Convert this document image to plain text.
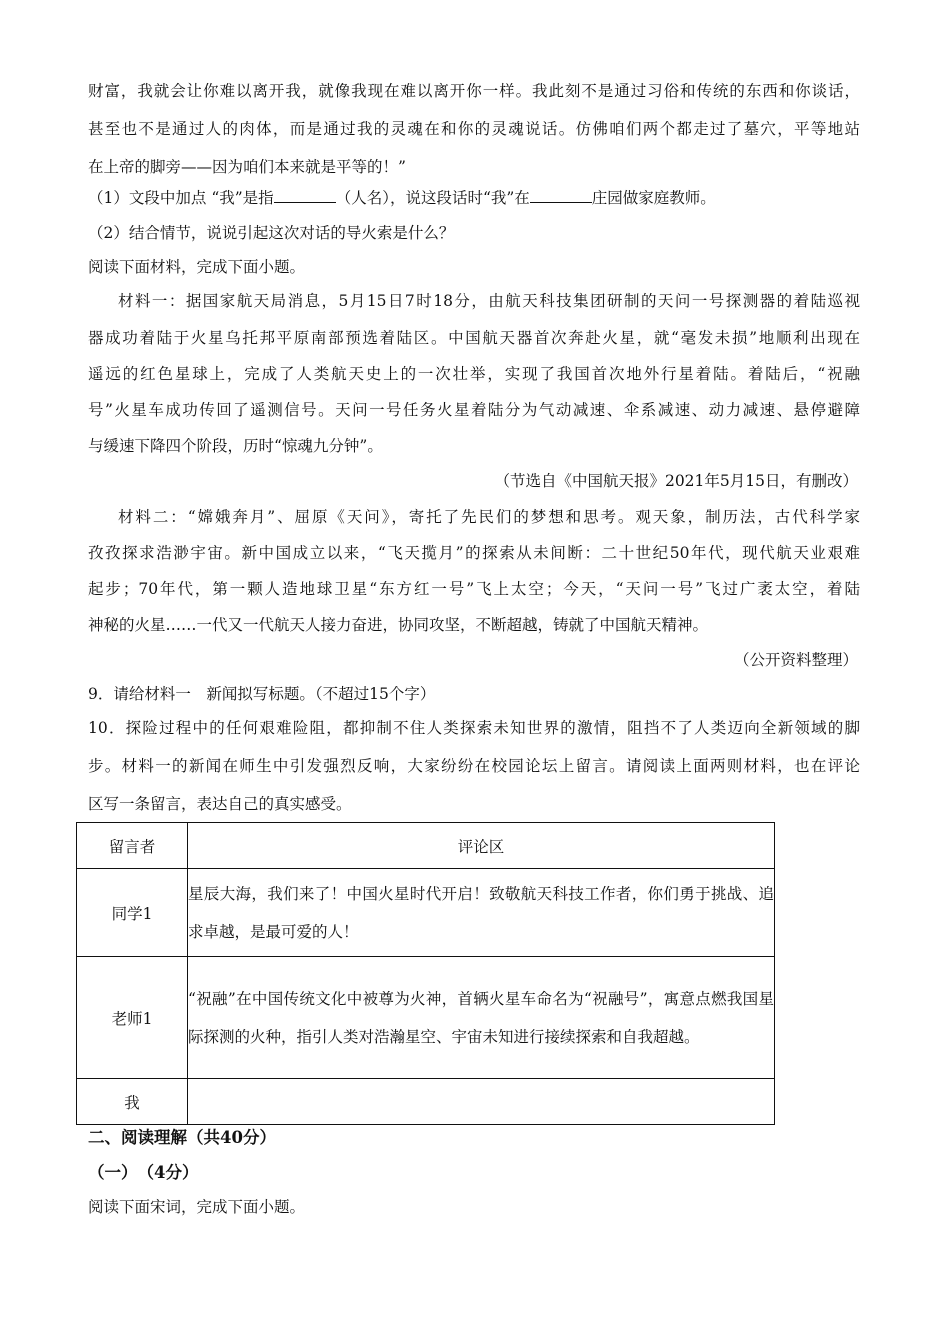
财富，我就会让你难以离开我，就像我现在难以离开你一样。我此刻不是通过习俗和传统的东西和你谈话，
甚至也不是通过人的肉体，而是通过我的灵魂在和你的灵魂说话。仿佛咱们两个都走过了墓穴，平等地站
在上帝的脚旁——因为咱们本来就是平等的！”
（1）文段中加点 “我”是指	（人名），说这段话时“我”在	庄园做家庭教师。
（2）结合情节，说说引起这次对话的导火索是什么？
阅读下面材料，完成下面小题。
材料一：据国家航天局消息，5月15日7时18分，由航天科技集团研制的天问一号探测器的着陆巡视
器成功着陆于火星乌托邦平原南部预选着陆区。中国航天器首次奔赴火星，就“毫发未损”地顺利出现在
遥远的红色星球上，完成了人类航天史上的一次壮举，实现了我国首次地外行星着陆。着陆后，“祝融
号”火星车成功传回了遥测信号。天问一号任务火星着陆分为气动减速、伞系减速、动力减速、悬停避障
与缓速下降四个阶段，历时“惊魂九分钟”。
（节选自《中国航天报》2021年5月15日，有删改）
材料二：“嫦娥奔月”、屈原《天问》，寄托了先民们的梦想和思考。观天象，制历法，古代科学家
孜孜探求浩渺宇宙。新中国成立以来，“飞天揽月”的探索从未间断：二十世纪50年代，现代航天业艰难
起步；70年代，第一颗人造地球卫星“东方红一号”飞上太空；今天，“天问一号”飞过广袤太空，着陆
神秘的火星……一代又一代航天人接力奋进，协同攻坚，不断超越，铸就了中国航天精神。
（公开资料整理）
9．请给材料一　新闻拟写标题。（不超过15个字）
10．探险过程中的任何艰难险阻，都抑制不住人类探索未知世界的激情，阻挡不了人类迈向全新领域的脚
步。材料一的新闻在师生中引发强烈反响，大家纷纷在校园论坛上留言。请阅读上面两则材料，也在评论
区写一条留言，表达自己的真实感受。
留言者	评论区
同学1	星辰大海，我们来了！中国火星时代开启！致敬航天科技工作者，你们勇于挑战、追求卓越，是最可爱的人！
老师1	“祝融”在中国传统文化中被尊为火神，首辆火星车命名为“祝融号”，寓意点燃我国星际探测的火种，指引人类对浩瀚星空、宇宙未知进行接续探索和自我超越。
我	
二、阅读理解（共40分）
（一）　（4分）
阅读下面宋词，完成下面小题。
